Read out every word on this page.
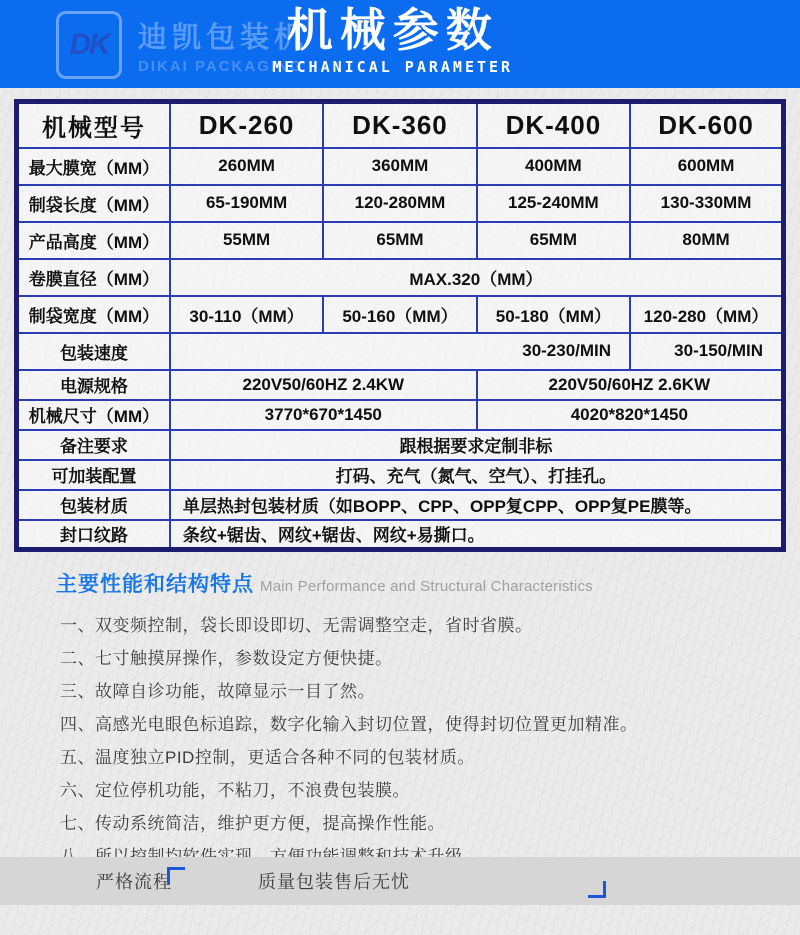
DK 迪凯包装机
DIKAI PACKAGING
机械参数
MECHANICAL PARAMETER
机械型号	DK-260	DK-360	DK-400	DK-600
最大膜宽（MM）	260MM	360MM	400MM	600MM
制袋长度（MM）	65-190MM	120-280MM	125-240MM	130-330MM
产品高度（MM）	55MM	65MM	65MM	80MM
卷膜直径（MM）	MAX.320（MM）			
制袋宽度（MM）	30-110（MM）	50-160（MM）	50-180（MM）	120-280（MM）
包装速度	30-230/MIN			30-150/MIN
电源规格	220V50/60HZ 2.4KW		220V50/60HZ 2.6KW	
机械尺寸（MM）	3770*670*1450		4020*820*1450	
备注要求	跟根据要求定制非标			
可加装配置	打码、充气（氮气、空气）、打挂孔。			
包装材质	单层热封包装材质（如BOPP、CPP、OPP复CPP、OPP复PE膜等。			
封口纹路	条纹+锯齿、网纹+锯齿、网纹+易撕口。			
主要性能和结构特点 Main Performance and Structural Characteristics
一、双变频控制，袋长即设即切、无需调整空走，省时省膜。
二、七寸触摸屏操作，参数设定方便快捷。
三、故障自诊功能，故障显示一目了然。
四、高感光电眼色标追踪，数字化输入封切位置，使得封切位置更加精准。
五、温度独立PID控制，更适合各种不同的包装材质。
六、定位停机功能，不粘刀，不浪费包装膜。
七、传动系统简洁，维护更方便，提高操作性能。
严格流程	质量包装 售后无忧
